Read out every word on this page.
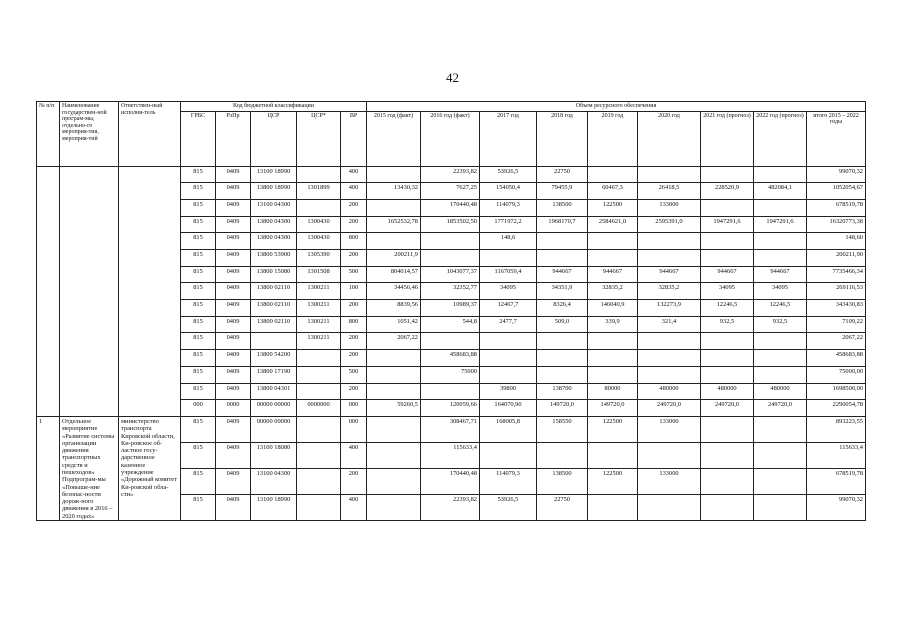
42
№ п/п	Наименование государствен-ной програм-мы, отдельно-го мероприя-тия, мероприя-тий	Ответствен-ный исполни-тель	Код бюджетной классификации					Объем ресурсного обеспечения								
			ГРБС	РзПр	ЦСР	ЦСР*	ВР	2015 год (факт)	2016 год (факт)	2017 год	2018 год	2019 год	2020 год	2021 год (прогноз)	2022 год (прогноз)	итого 2015 – 2022 годы
			815	0409	13100 18990		400		22393,82	53926,5	22750					99070,32
			815	0409	13800 18990	1301899	400	13430,32	7627,25	154050,4	79455,9	60467,3	26418,5	228520,9	482084,1	1052054,67
			815	0409	13100 04300		200		170440,48	114079,3	138500	122500	133000			678519,78
			815	0409	13800 04300	1300430	200	1652532,78	1853502,50	1771972,2	1968170,7	2584621,0	2595391,0	1947291,6	1947291,6	16320773,38
			815	0409	13800 04300	1300430	800			148,6						148,60
			815	0409	13800 53900	1305390	200	200211,9								200211,90
			815	0409	13800 15080	1301508	500	804014,57	1043077,37	1167059,4	944667	944667	944667	944667	944667	7735466,34
			815	0409	13800 02110	1300211	100	34456,46	32352,77	34095	34351,9	32835,2	32835,2	34095	34095	269116,53
			815	0409	13800 02110	1300211	200	8839,56	10989,37	12467,7	8326,4	146040,9	132273,9	12246,5	12246,5	343430,83
			815	0409	13800 02110	1300211	800	1051,42	544,8	2477,7	509,0	339,9	321,4	932,5	932,5	7109,22
			815	0409		1300211	200	2067,22								2067,22
			815	0409	13800 54200		200		458683,88							458683,88
			815	0409	13800 17190		500		75000							75000,00
			815	0409	13800 04301		200			39800	138700	80000	480000	480000	480000	1698500,00
			000	0000	00000 00000	0000000	000	59260,5	120059,66	164070,90	149720,0	149720,0	249720,0	249720,0	249720,0	2290054,78
1	Отдельное мероприятие «Развитие системы организации движения транспортных средств и пешеходов» Подпрограм-мы «Повыше-ние безопас-ности дорож-ного движения в 2016 – 2020 годах»	министерство транспорта Кировской области, Ки-ровское об-ластное госу-дарственное казенное учреждение «Дорожный комитет Ки-ровской обла-сти»	815	0409	00000 00000		000		308467,71	168005,8	158550	122500	133000			893223,55
			815	0409	13100 18080		400		115633,4							115633,4
			815	0409	13100 04300		200		170440,48	114079,3	138500	122500	133000			678519,78
			815	0409	13100 18990		400		22393,82	53926,5	22750					99070,32
